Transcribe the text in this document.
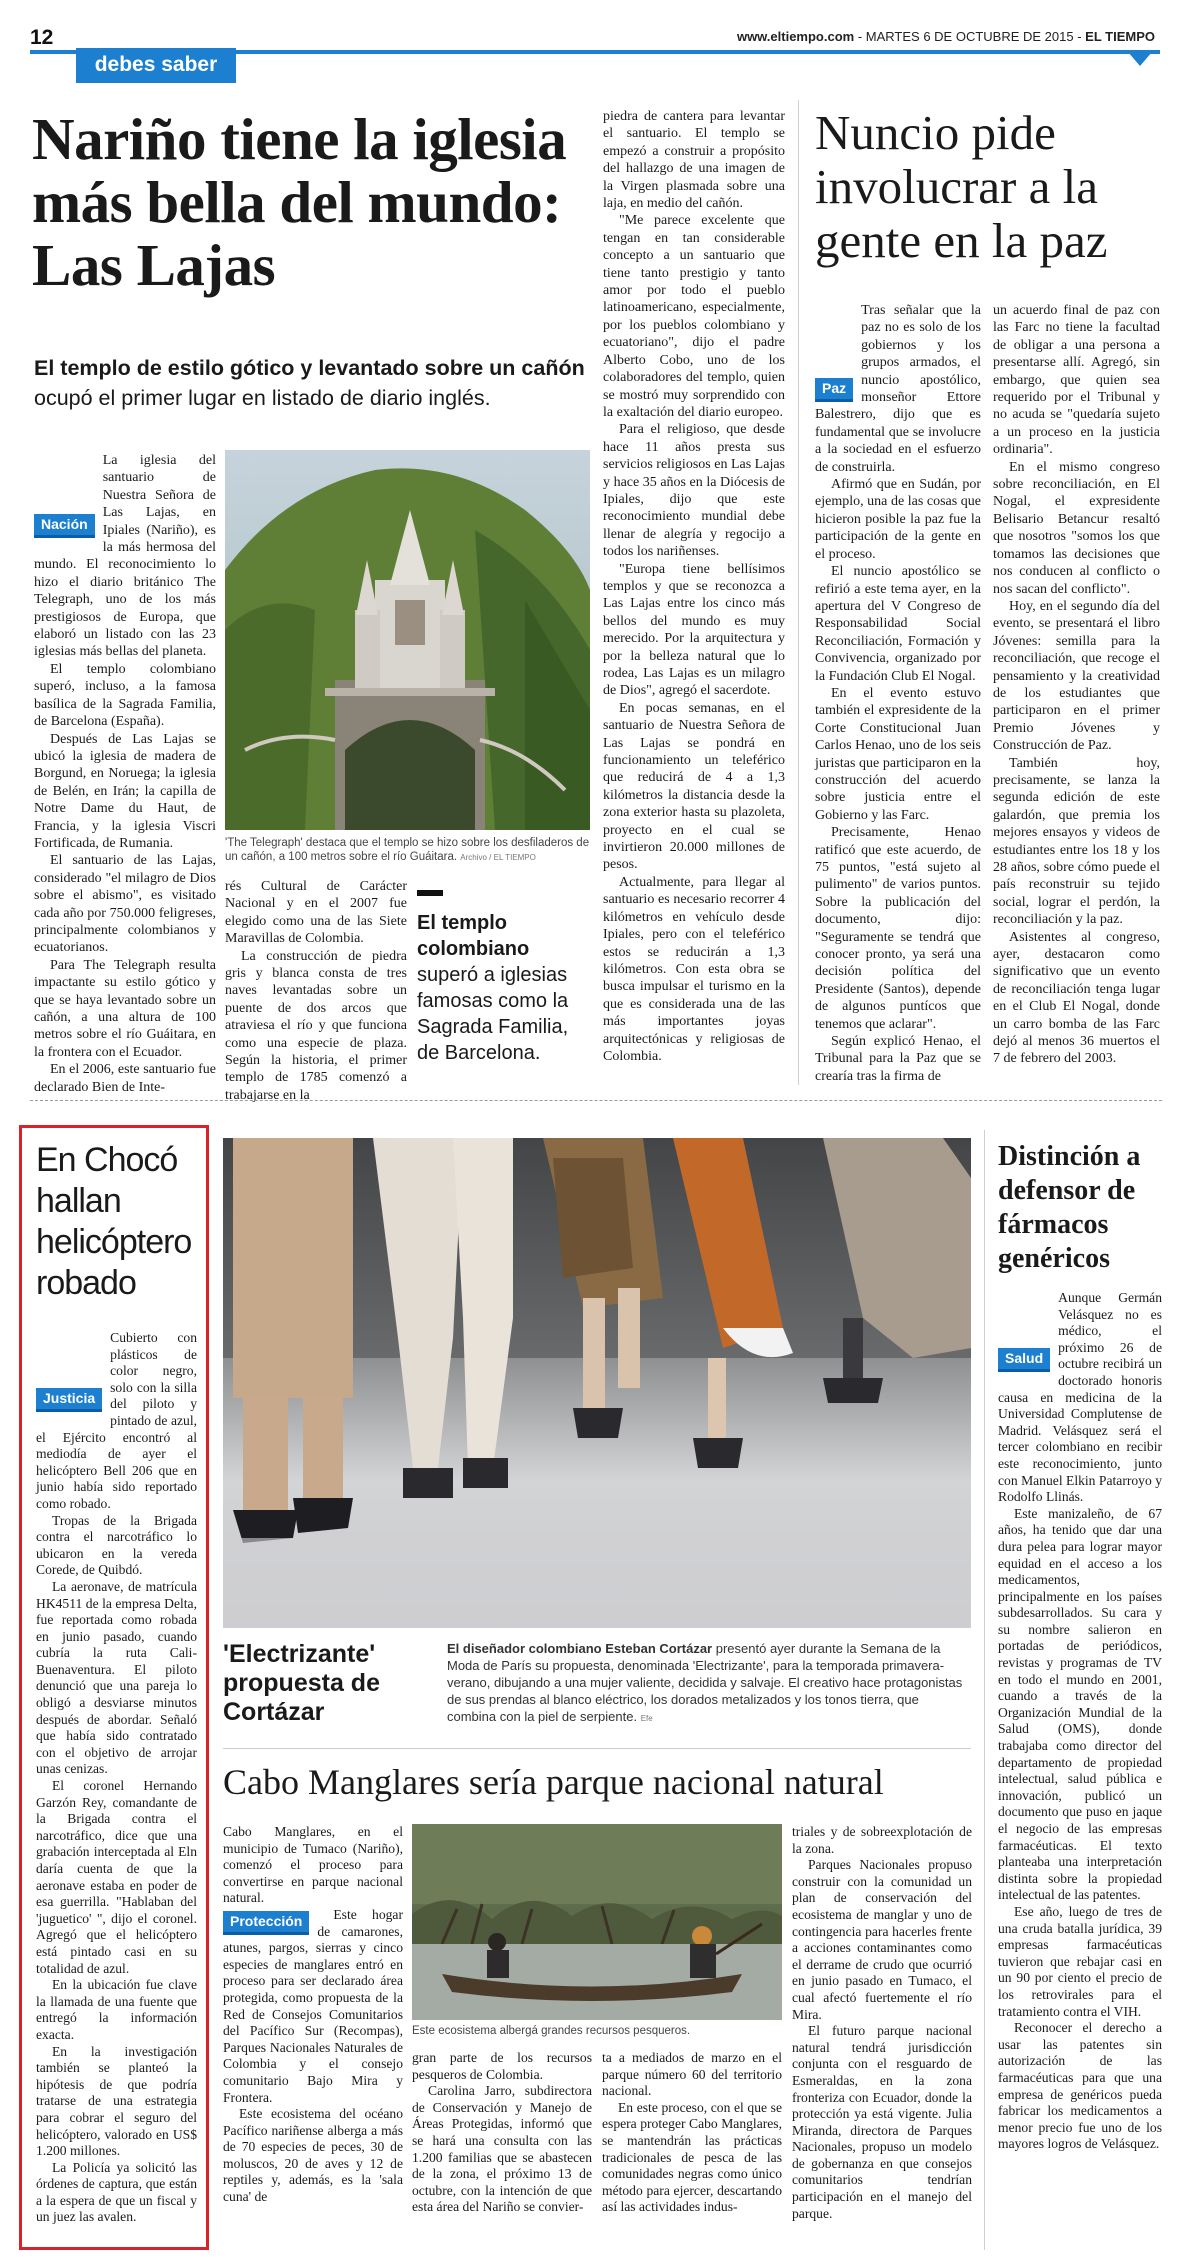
12	www.eltiempo.com - MARTES 6 DE OCTUBRE DE 2015 - EL TIEMPO
debes saber
Nariño tiene la iglesia más bella del mundo: Las Lajas
El templo de estilo gótico y levantado sobre un cañón ocupó el primer lugar en listado de diario inglés.
Nación

La iglesia del santuario de Nuestra Señora de Las Lajas, en Ipiales (Nariño), es la más hermosa del mundo. El reconocimiento lo hizo el diario británico The Telegraph, uno de los más prestigiosos de Europa, que elaboró un listado con las 23 iglesias más bellas del planeta.

El templo colombiano superó, incluso, a la famosa basílica de la Sagrada Familia, de Barcelona (España).

Después de Las Lajas se ubicó la iglesia de madera de Borgund, en Noruega; la iglesia de Belén, en Irán; la capilla de Notre Dame du Haut, de Francia, y la iglesia Viscri Fortificada, de Rumania.

El santuario de las Lajas, considerado "el milagro de Dios sobre el abismo", es visitado cada año por 750.000 feligreses, principalmente colombianos y ecuatorianos.

Para The Telegraph resulta impactante su estilo gótico y que se haya levantado sobre un cañón, a una altura de 100 metros sobre el río Guáitara, en la frontera con el Ecuador.

En el 2006, este santuario fue declarado Bien de Inte-

'The Telegraph' destaca que el templo se hizo sobre los desfiladeros de un cañón, a 100 metros sobre el río Guáitara. Archivo / EL TIEMPO

rés Cultural de Carácter Nacional y en el 2007 fue elegido como una de las Siete Maravillas de Colombia.

La construcción de piedra gris y blanca consta de tres naves levantadas sobre un puente de dos arcos que atraviesa el río y que funciona como una especie de plaza. Según la historia, el primer templo de 1785 comenzó a trabajarse en la

El templo colombiano
superó a iglesias famosas como la Sagrada Familia, de Barcelona.

piedra de cantera para levantar el santuario. El templo se empezó a construir a propósito del hallazgo de una imagen de la Virgen plasmada sobre una laja, en medio del cañón.

"Me parece excelente que tengan en tan considerable concepto a un santuario que tiene tanto prestigio y tanto amor por todo el pueblo latinoamericano, especialmente, por los pueblos colombiano y ecuatoriano", dijo el padre Alberto Cobo, uno de los colaboradores del templo, quien se mostró muy sorprendido con la exaltación del diario europeo.

Para el religioso, que desde hace 11 años presta sus servicios religiosos en Las Lajas y hace 35 años en la Diócesis de Ipiales, dijo que este reconocimiento mundial debe llenar de alegría y regocijo a todos los nariñenses.

"Europa tiene bellísimos templos y que se reconozca a Las Lajas entre los cinco más bellos del mundo es muy merecido. Por la arquitectura y por la belleza natural que lo rodea, Las Lajas es un milagro de Dios", agregó el sacerdote.

En pocas semanas, en el santuario de Nuestra Señora de Las Lajas se pondrá en funcionamiento un teleférico que reducirá de 4 a 1,3 kilómetros la distancia desde la zona exterior hasta su plazoleta, proyecto en el cual se invirtieron 20.000 millones de pesos.

Actualmente, para llegar al santuario es necesario recorrer 4 kilómetros en vehículo desde Ipiales, pero con el teleférico estos se reducirán a 1,3 kilómetros. Con esta obra se busca impulsar el turismo en la que es considerada una de las más importantes joyas arquitectónicas y religiosas de Colombia.

Nuncio pide involucrar a la gente en la paz
Paz

Tras señalar que la paz no es solo de los gobiernos y los grupos armados, el nuncio apostólico, monseñor Ettore Balestrero, dijo que es fundamental que se involucre a la sociedad en el esfuerzo de construirla.

Afirmó que en Sudán, por ejemplo, una de las cosas que hicieron posible la paz fue la participación de la gente en el proceso.

El nuncio apostólico se refirió a este tema ayer, en la apertura del V Congreso de Responsabilidad Social Reconciliación, Formación y Convivencia, organizado por la Fundación Club El Nogal.

En el evento estuvo también el expresidente de la Corte Constitucional Juan Carlos Henao, uno de los seis juristas que participaron en la construcción del acuerdo sobre justicia entre el Gobierno y las Farc.

Precisamente, Henao ratificó que este acuerdo, de 75 puntos, "está sujeto al pulimento" de varios puntos. Sobre la publicación del documento, dijo: "Seguramente se tendrá que conocer pronto, ya será una decisión política del Presidente (Santos), depende de algunos puntícos que tenemos que aclarar".

Según explicó Henao, el Tribunal para la Paz que se crearía tras la firma de

un acuerdo final de paz con las Farc no tiene la facultad de obligar a una persona a presentarse allí. Agregó, sin embargo, que quien sea requerido por el Tribunal y no acuda se "quedaría sujeto a un proceso en la justicia ordinaria".

En el mismo congreso sobre reconciliación, en El Nogal, el expresidente Belisario Betancur resaltó que nosotros "somos los que tomamos las decisiones que nos conducen al conflicto o nos sacan del conflicto".

Hoy, en el segundo día del evento, se presentará el libro Jóvenes: semilla para la reconciliación, que recoge el pensamiento y la creatividad de los estudiantes que participaron en el primer Premio Jóvenes y Construcción de Paz.

También hoy, precisamente, se lanza la segunda edición de este galardón, que premia los mejores ensayos y videos de estudiantes entre los 18 y los 28 años, sobre cómo puede el país reconstruir su tejido social, lograr el perdón, la reconciliación y la paz.

Asistentes al congreso, ayer, destacaron como significativo que un evento de reconciliación tenga lugar en el Club El Nogal, donde un carro bomba de las Farc dejó al menos 36 muertos el 7 de febrero del 2003.

En Chocó hallan helicóptero robado
Justicia

Cubierto con plásticos de color negro, solo con la silla del piloto y pintado de azul, el Ejército encontró al mediodía de ayer el helicóptero Bell 206 que en junio había sido reportado como robado.

Tropas de la Brigada contra el narcotráfico lo ubicaron en la vereda Corede, de Quibdó.

La aeronave, de matrícula HK4511 de la empresa Delta, fue reportada como robada en junio pasado, cuando cubría la ruta Cali-Buenaventura. El piloto denunció que una pareja lo obligó a desviarse minutos después de abordar. Señaló que había sido contratado con el objetivo de arrojar unas cenizas.

El coronel Hernando Garzón Rey, comandante de la Brigada contra el narcotráfico, dice que una grabación interceptada al Eln daría cuenta de que la aeronave estaba en poder de esa guerrilla. "Hablaban del 'juguetico' ", dijo el coronel. Agregó que el helicóptero está pintado casi en su totalidad de azul.

En la ubicación fue clave la llamada de una fuente que entregó la información exacta.

En la investigación también se planteó la hipótesis de que podría tratarse de una estrategia para cobrar el seguro del helicóptero, valorado en US$ 1.200 millones.

La Policía ya solicitó las órdenes de captura, que están a la espera de que un fiscal y un juez las avalen.

'Electrizante' propuesta de Cortázar
El diseñador colombiano Esteban Cortázar presentó ayer durante la Semana de la Moda de París su propuesta, denominada 'Electrizante', para la temporada primavera-verano, dibujando a una mujer valiente, decidida y salvaje. El creativo hace protagonistas de sus prendas al blanco eléctrico, los dorados metalizados y los tonos tierra, que combina con la piel de serpiente. Efe
Cabo Manglares sería parque nacional natural

Cabo Manglares, en el municipio de Tumaco (Nariño), comenzó el proceso para convertirse en parque nacional natural.

Protección	Este hogar de camarones, atunes, pargos, sierras y cinco especies de manglares entró en proceso para ser declarado área protegida, como propuesta de la Red de Consejos Comunitarios del Pacífico Sur (Recompas), Parques Nacionales Naturales de Colombia y el consejo comunitario Bajo Mira y Frontera.

Este ecosistema del océano Pacífico nariñense alberga a más de 70 especies de peces, 30 de moluscos, 20 de aves y 12 de reptiles y, además, es la 'sala cuna' de

Este ecosistema albergá grandes recursos pesqueros.

gran parte de los recursos pesqueros de Colombia.

Carolina Jarro, subdirectora de Conservación y Manejo de Áreas Protegidas, informó que se hará una consulta con las 1.200 familias que se abastecen de la zona, el próximo 13 de octubre, con la intención de que esta área del Nariño se convier-

ta a mediados de marzo en el parque número 60 del territorio nacional.

En este proceso, con el que se espera proteger Cabo Manglares, se mantendrán las prácticas tradicionales de pesca de las comunidades negras como único método para ejercer, descartando así las actividades indus-

triales y de sobreexplotación de la zona.

Parques Nacionales propuso construir con la comunidad un plan de conservación del ecosistema de manglar y uno de contingencia para hacerles frente a acciones contaminantes como el derrame de crudo que ocurrió en junio pasado en Tumaco, el cual afectó fuertemente el río Mira.

El futuro parque nacional natural tendrá jurisdicción conjunta con el resguardo de Esmeraldas, en la zona fronteriza con Ecuador, donde la protección ya está vigente. Julia Miranda, directora de Parques Nacionales, propuso un modelo de gobernanza en que consejos comunitarios tendrían participación en el manejo del parque.

Distinción a defensor de fármacos genéricos
Salud

Aunque Germán Velásquez no es médico, el próximo 26 de octubre recibirá un doctorado honoris causa en medicina de la Universidad Complutense de Madrid. Velásquez será el tercer colombiano en recibir este reconocimiento, junto con Manuel Elkin Patarroyo y Rodolfo Llinás.

Este manizaleño, de 67 años, ha tenido que dar una dura pelea para lograr mayor equidad en el acceso a los medicamentos, principalmente en los países subdesarrollados. Su cara y su nombre salieron en portadas de periódicos, revistas y programas de TV en todo el mundo en 2001, cuando a través de la Organización Mundial de la Salud (OMS), donde trabajaba como director del departamento de propiedad intelectual, salud pública e innovación, publicó un documento que puso en jaque el negocio de las empresas farmacéuticas. El texto planteaba una interpretación distinta sobre la propiedad intelectual de las patentes.

Ese año, luego de tres de una cruda batalla jurídica, 39 empresas farmacéuticas tuvieron que rebajar casi en un 90 por ciento el precio de los retrovirales para el tratamiento contra el VIH.

Reconocer el derecho a usar las patentes sin autorización de las farmacéuticas para que una empresa de genéricos pueda fabricar los medicamentos a menor precio fue uno de los mayores logros de Velásquez.
